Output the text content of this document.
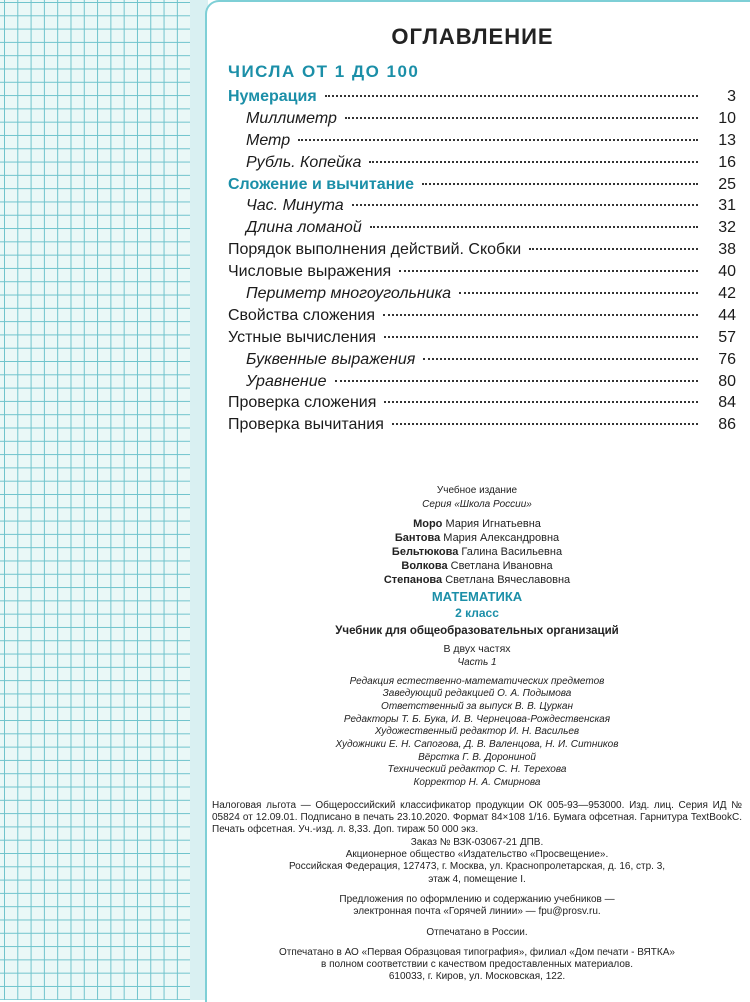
ОГЛАВЛЕНИЕ
ЧИСЛА ОТ 1 ДО 100
Нумерация	3
Миллиметр	10
Метр	13
Рубль. Копейка	16
Сложение и вычитание	25
Час. Минута	31
Длина ломаной	32
Порядок выполнения действий. Скобки	38
Числовые выражения	40
Периметр многоугольника	42
Свойства сложения	44
Устные вычисления	57
Буквенные выражения	76
Уравнение	80
Проверка сложения	84
Проверка вычитания	86
Учебное издание
Серия «Школа России»
Моро Мария Игнатьевна
Бантова Мария Александровна
Бельтюкова Галина Васильевна
Волкова Светлана Ивановна
Степанова Светлана Вячеславовна
МАТЕМАТИКА
2 класс
Учебник для общеобразовательных организаций
В двух частях
Часть 1
Редакция естественно-математических предметов
Заведующий редакцией О. А. Подымова
Ответственный за выпуск В. В. Цуркан
Редакторы Т. Б. Бука, И. В. Чернецова-Рождественская
Художественный редактор И. Н. Васильев
Художники Е. Н. Сапогова, Д. В. Валенцова, Н. И. Ситников
Вёрстка Г. В. Дорониной
Технический редактор С. Н. Терехова
Корректор Н. А. Смирнова
Налоговая льгота — Общероссийский классификатор продукции ОК 005-93—953000. Изд. лиц. Серия ИД № 05824 от 12.09.01. Подписано в печать 23.10.2020. Формат 84×108 1/16. Бумага офсетная. Гарнитура TextBookC. Печать офсетная. Уч.-изд. л. 8,33. Доп. тираж 50 000 экз.
Заказ № ВЗК-03067-21 ДПВ.
Акционерное общество «Издательство «Просвещение».
Российская Федерация, 127473, г. Москва, ул. Краснопролетарская, д. 16, стр. 3,
этаж 4, помещение I.
Предложения по оформлению и содержанию учебников —
электронная почта «Горячей линии» — fpu@prosv.ru.
Отпечатано в России.
Отпечатано в АО «Первая Образцовая типография», филиал «Дом печати - ВЯТКА»
в полном соответствии с качеством предоставленных материалов.
610033, г. Киров, ул. Московская, 122.
